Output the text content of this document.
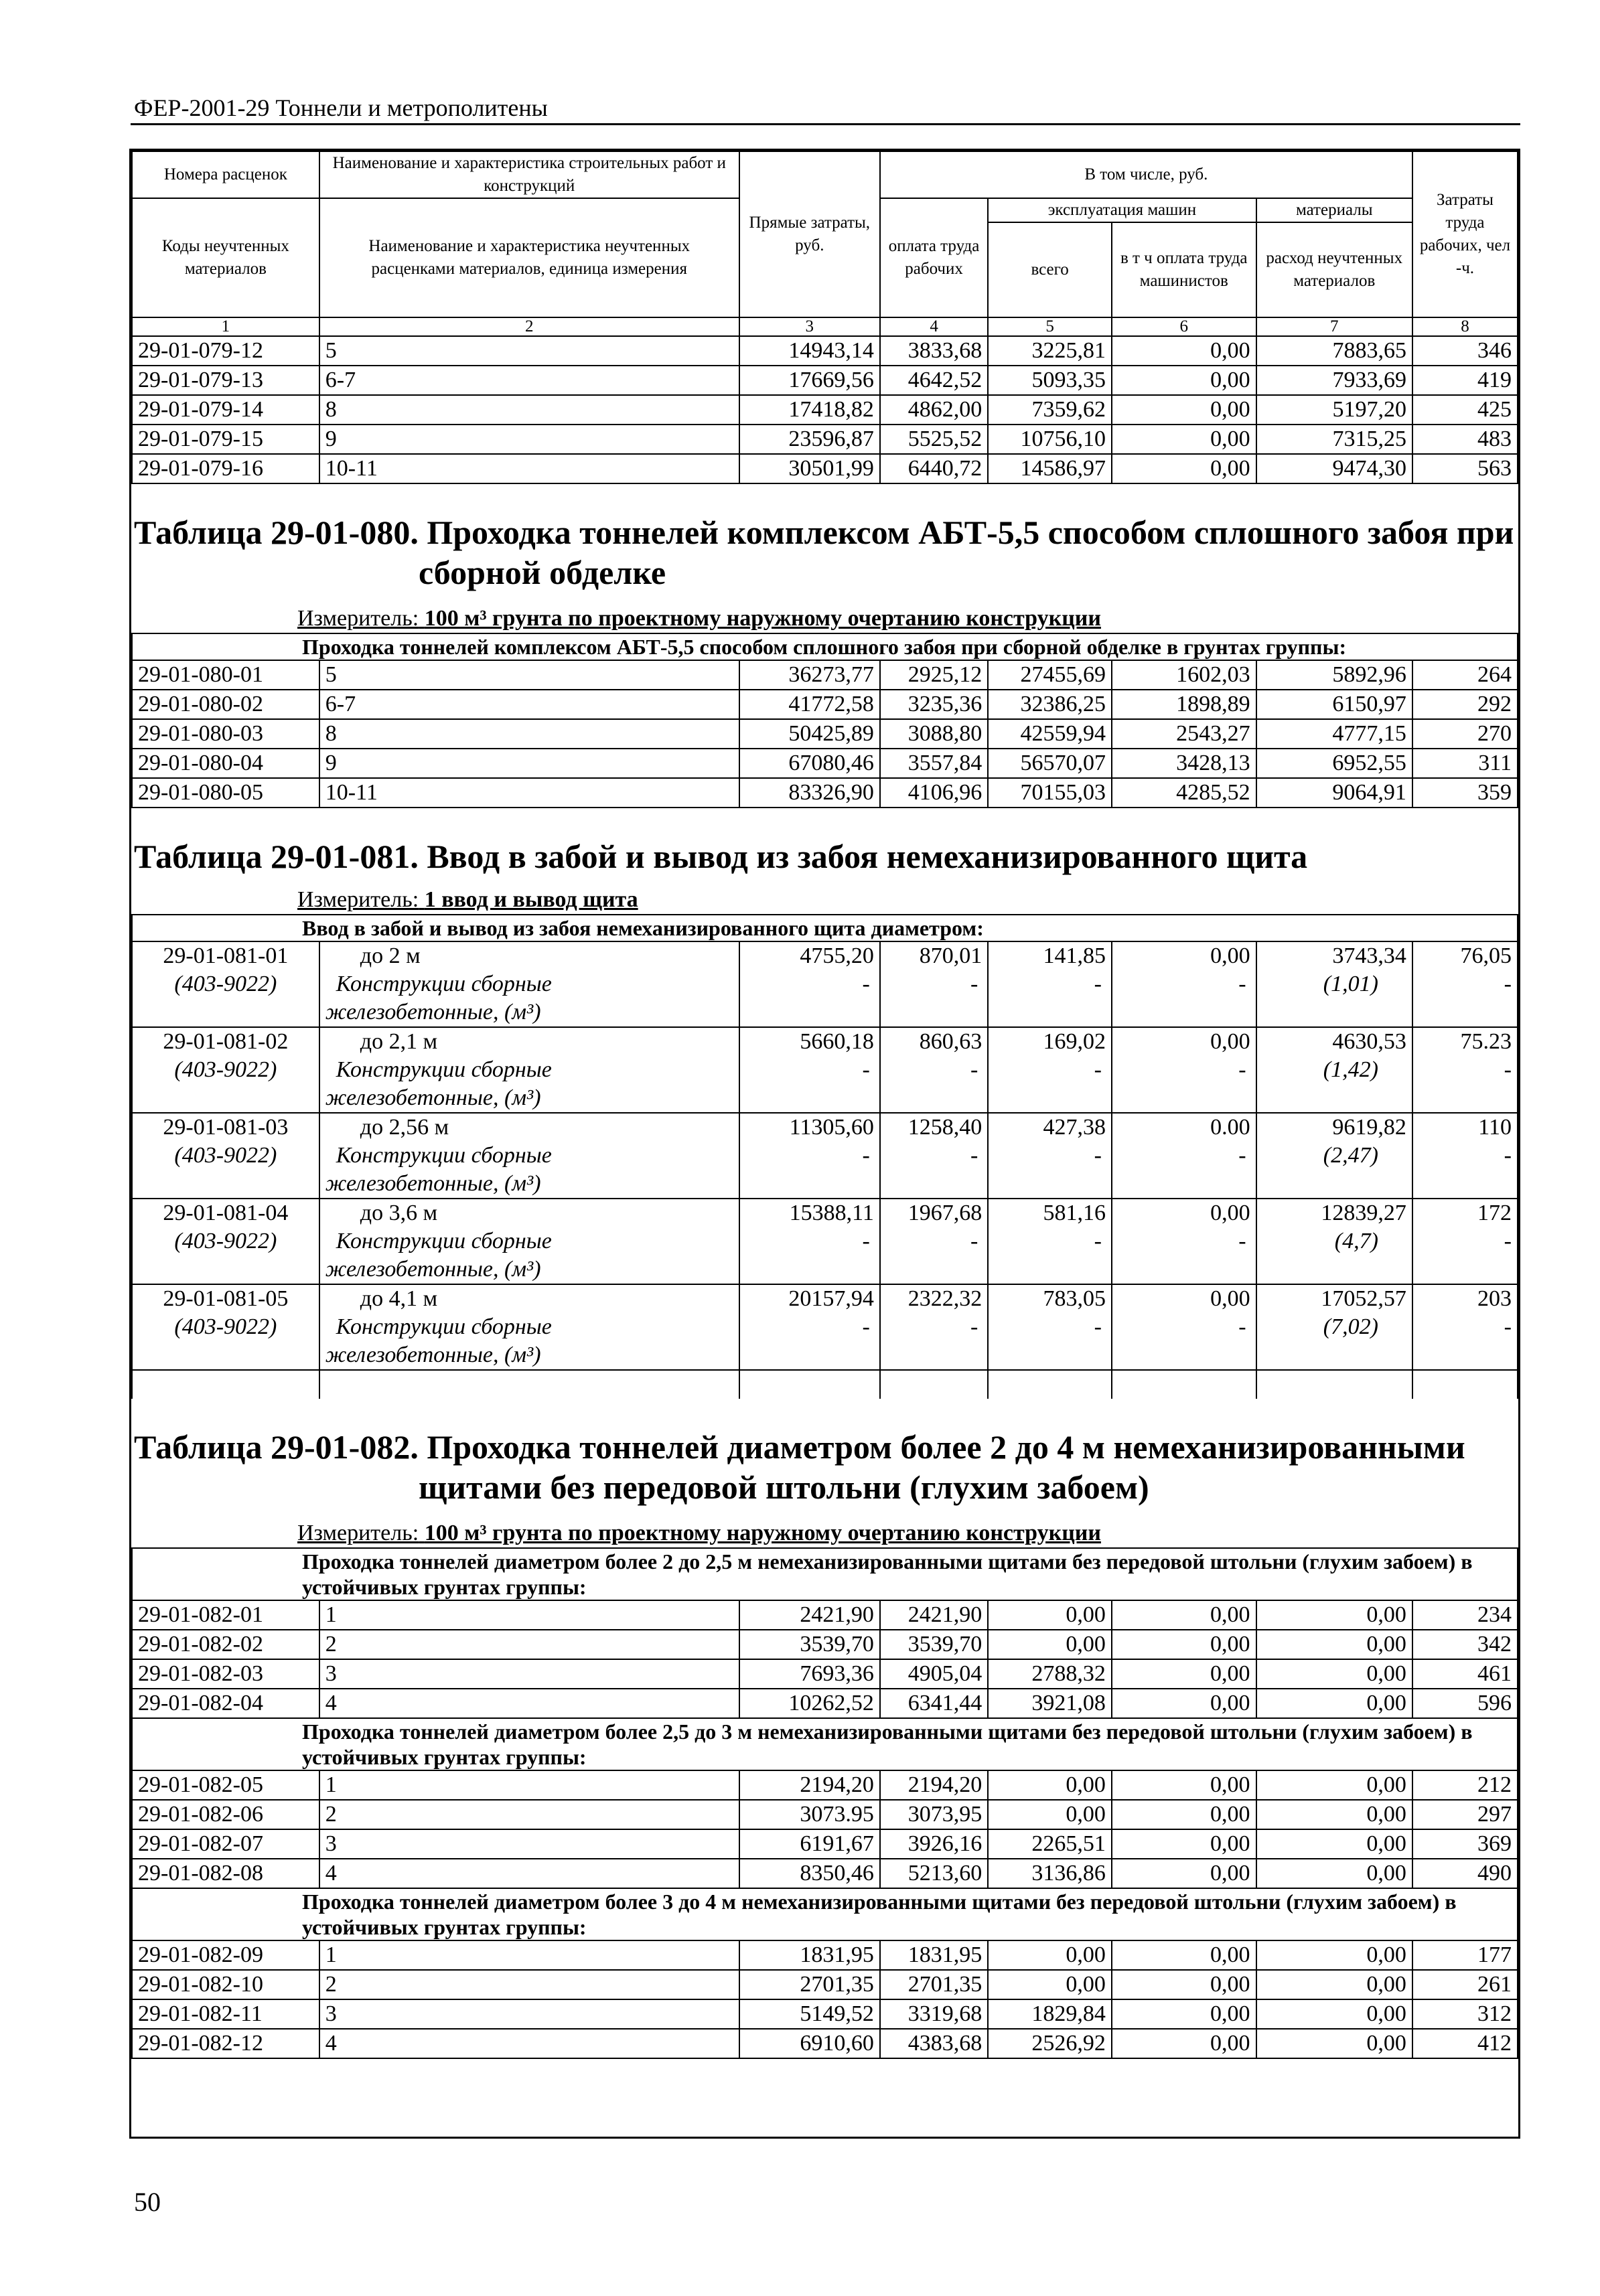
ФЕР-2001-29 Тоннели и метрополитены
Номера расценок	Наименование и характеристика строительных работ и конструкций	Прямые затраты, руб.	В том числе, руб.				Затраты труда рабочих, чел -ч.
Коды неучтенных материалов	Наименование и характеристика неучтенных расценками материалов, единица измерения		оплата труда рабочих	эксплуатация машин		материалы	
				всего	в т ч оплата труда машинистов	расход неучтенных материалов	

1	2	3	4	5	6	7	8
29-01-079-12	5	14943,14	3833,68	3225,81	0,00	7883,65	346
29-01-079-13	6-7	17669,56	4642,52	5093,35	0,00	7933,69	419
29-01-079-14	8	17418,82	4862,00	7359,62	0,00	5197,20	425
29-01-079-15	9	23596,87	5525,52	10756,10	0,00	7315,25	483
29-01-079-16	10-11	30501,99	6440,72	14586,97	0,00	9474,30	563
Таблица 29-01-080. Проходка тоннелей комплексом АБТ-5,5 способом сплошного забоя при
сборной обделке
Измеритель: 100 м³ грунта по проектному наружному очертанию конструкции
Проходка тоннелей комплексом АБТ-5,5 способом сплошного забоя при сборной обделке в грунтах группы:							
29-01-080-01	5	36273,77	2925,12	27455,69	1602,03	5892,96	264
29-01-080-02	6-7	41772,58	3235,36	32386,25	1898,89	6150,97	292
29-01-080-03	8	50425,89	3088,80	42559,94	2543,27	4777,15	270
29-01-080-04	9	67080,46	3557,84	56570,07	3428,13	6952,55	311
29-01-080-05	10-11	83326,90	4106,96	70155,03	4285,52	9064,91	359
Таблица 29-01-081. Ввод в забой и вывод из забоя немеханизированного щита
Измеритель: 1 ввод и вывод щита
Ввод в забой и вывод из забоя немеханизированного щита диаметром:							
29-01-081-01	до 2 м	4755,20	870,01	141,85	0,00	3743,34	76,05
(403-9022)	Конструкции сборные	-	-	-	-	(1,01)	-
	железобетонные, (м³)						
29-01-081-02	до 2,1 м	5660,18	860,63	169,02	0,00	4630,53	75.23
(403-9022)	Конструкции сборные	-	-	-	-	(1,42)	-
	железобетонные, (м³)						
29-01-081-03	до 2,56 м	11305,60	1258,40	427,38	0.00	9619,82	110
(403-9022)	Конструкции сборные	-	-	-	-	(2,47)	-
	железобетонные, (м³)						
29-01-081-04	до 3,6 м	15388,11	1967,68	581,16	0,00	12839,27	172
(403-9022)	Конструкции сборные	-	-	-	-	(4,7)	-
	железобетонные, (м³)						
29-01-081-05	до 4,1 м	20157,94	2322,32	783,05	0,00	17052,57	203
(403-9022)	Конструкции сборные	-	-	-	-	(7,02)	-
	железобетонные, (м³)						

Таблица 29-01-082. Проходка тоннелей диаметром более 2 до 4 м немеханизированными
щитами без передовой штольни (глухим забоем)
Измеритель: 100 м³ грунта по проектному наружному очертанию конструкции
Проходка тоннелей диаметром более 2 до 2,5 м немеханизированными щитами без передовой штольни (глухим забоем) в устойчивых грунтах группы:							
29-01-082-01	1	2421,90	2421,90	0,00	0,00	0,00	234
29-01-082-02	2	3539,70	3539,70	0,00	0,00	0,00	342
29-01-082-03	3	7693,36	4905,04	2788,32	0,00	0,00	461
29-01-082-04	4	10262,52	6341,44	3921,08	0,00	0,00	596
Проходка тоннелей диаметром более 2,5 до 3 м немеханизированными щитами без передовой штольни (глухим забоем) в устойчивых грунтах группы:							
29-01-082-05	1	2194,20	2194,20	0,00	0,00	0,00	212
29-01-082-06	2	3073.95	3073,95	0,00	0,00	0,00	297
29-01-082-07	3	6191,67	3926,16	2265,51	0,00	0,00	369
29-01-082-08	4	8350,46	5213,60	3136,86	0,00	0,00	490
Проходка тоннелей диаметром более 3 до 4 м немеханизированными щитами без передовой штольни (глухим забоем) в устойчивых грунтах группы:							
29-01-082-09	1	1831,95	1831,95	0,00	0,00	0,00	177
29-01-082-10	2	2701,35	2701,35	0,00	0,00	0,00	261
29-01-082-11	3	5149,52	3319,68	1829,84	0,00	0,00	312
29-01-082-12	4	6910,60	4383,68	2526,92	0,00	0,00	412
50
